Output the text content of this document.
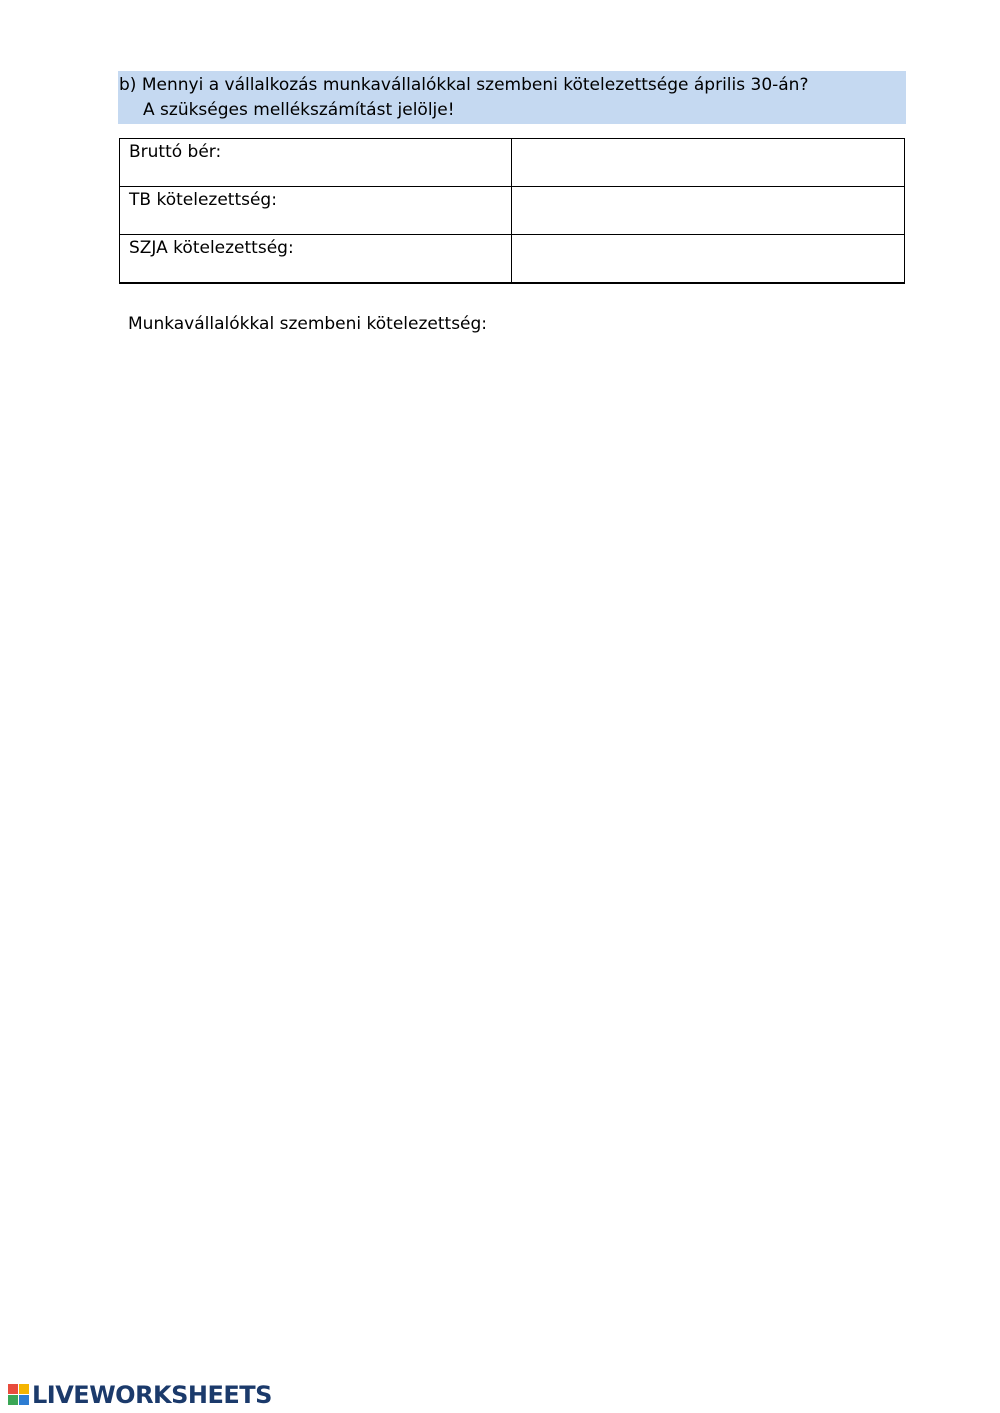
b) Mennyi a vállalkozás munkavállalókkal szembeni kötelezettsége április 30-án?
A szükséges mellékszámítást jelölje!
Bruttó bér:	
TB kötelezettség:	
SZJA kötelezettség:	
Munkavállalókkal szembeni kötelezettség:
LIVEWORKSHEETS
